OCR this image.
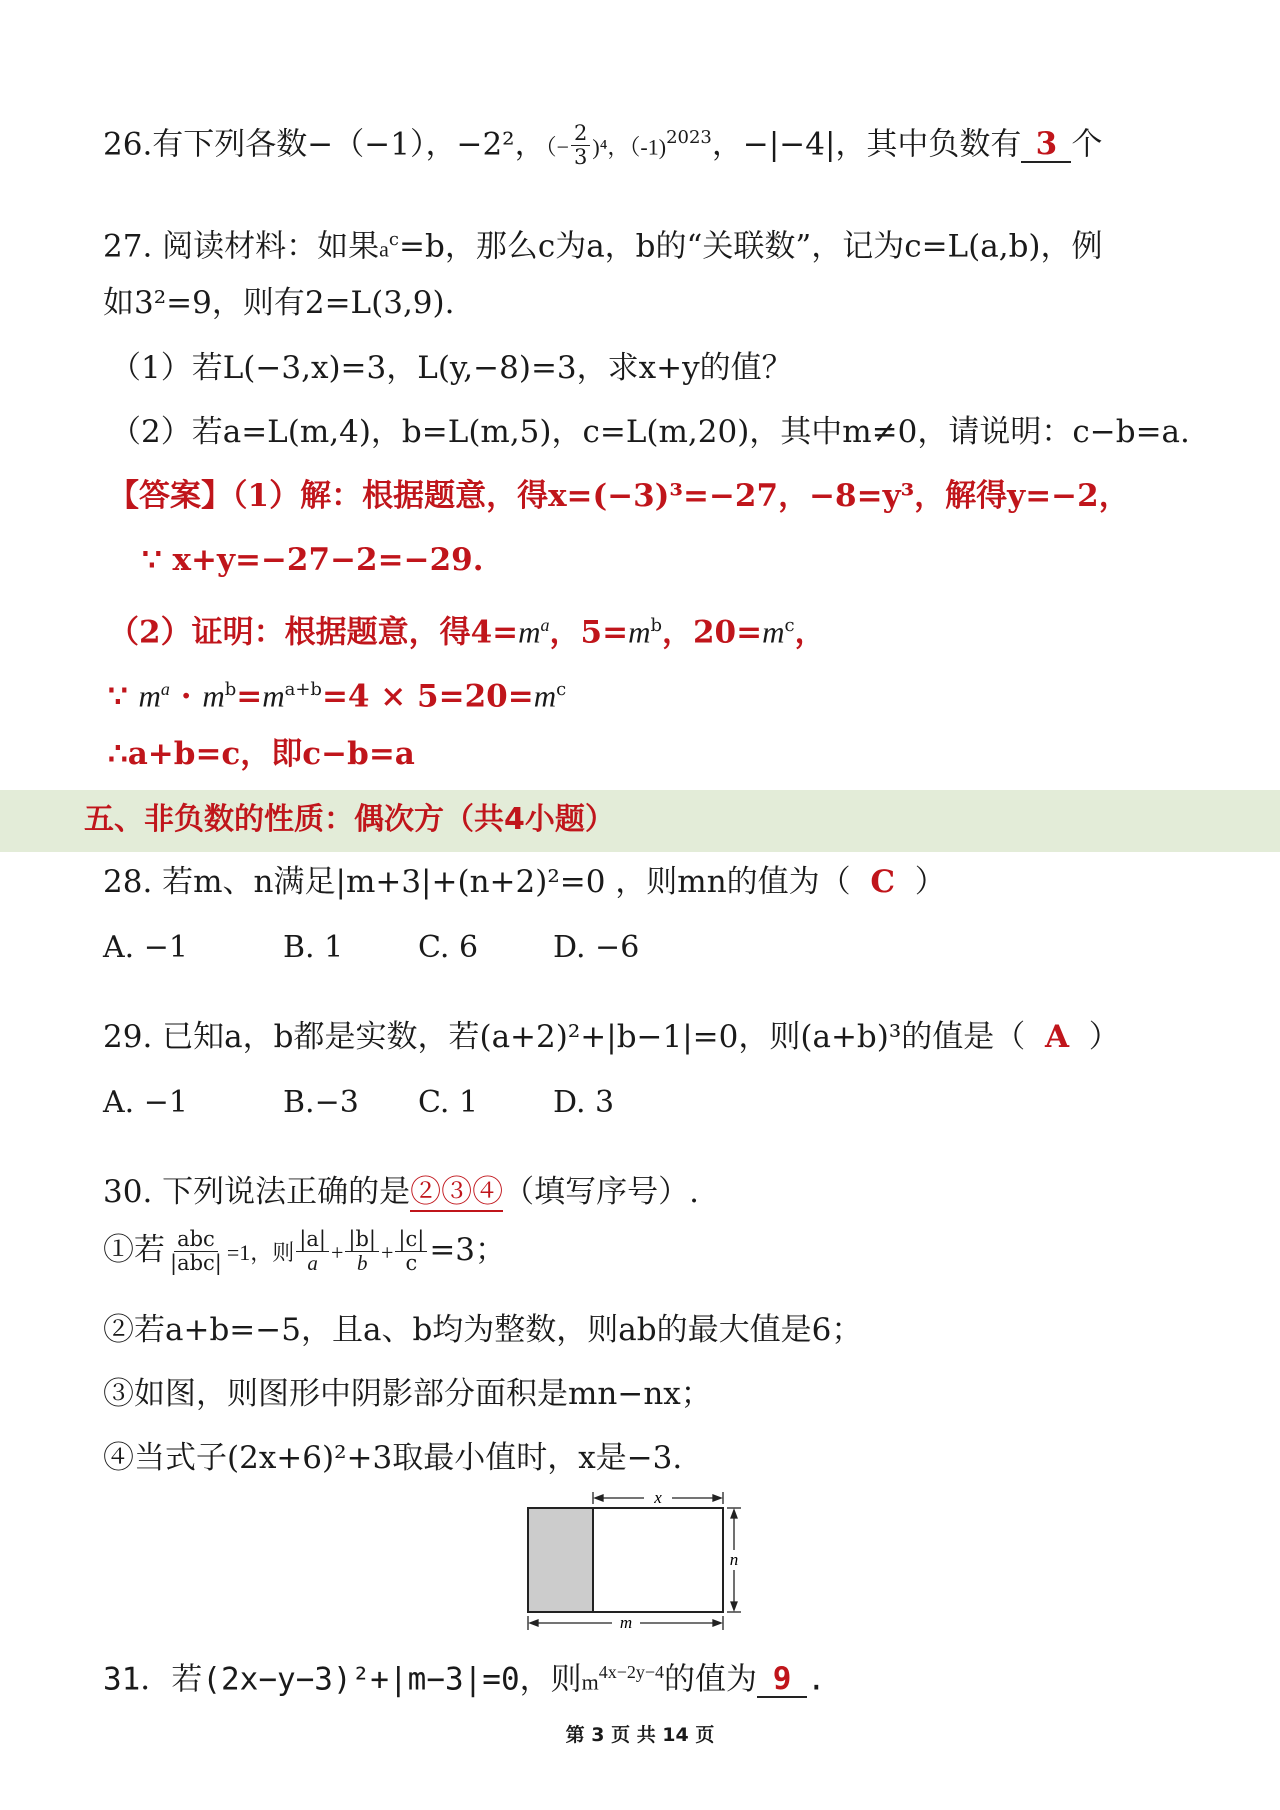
26.有下列各数−（−1），−2²，（− $\frac{2}{3} )^4$，（-1)$^{2023}$，−|−4|，其中负数有 3 个
27. 阅读材料：如果$a^c=b$，那么c为a，b的“关联数”，记为c=L(a,b)，例
如3²=9，则有2=L(3,9).
（1）若L(−3,x)=3，L(y,−8)=3，求x+y的值？
（2）若a=L(m,4)，b=L(m,5)，c=L(m,20)，其中m≠0，请说明：c−b=a.
【答案】（1）解：根据题意，得x=(−3)³=−27，−8=y³，解得y=−2，
∵ x+y=−27−2=−29.
（2）证明：根据题意，得$4=m^a$，$5=m^b$，$20=m^c$，
∵ $m^a \cdot m^b=m^{a+b}=4 \times 5=20=m^c$
∴a+b=c，即c−b=a
五、非负数的性质：偶次方（共4小题）
28. 若m、n满足|m+3|+(n+2)²=0 ，则mn的值为（ C ）
A. −1	B. 1 C. 6 D. −6
29. 已知a，b都是实数，若(a+2)²+|b−1|=0，则(a+b)³的值是（ A ）
A. −1	B.−3 C. 1 D. 3
30. 下列说法正确的是②③④（填写序号）.
①若 $\frac{\text{abc}}{\text{|abc|}} =1$，则 $\frac{|a|}{a} + \frac{|b|}{b} + \frac{|c|}{c} =3$；
②若a+b=−5，且a、b均为整数，则ab的最大值是6；
③如图，则图形中阴影部分面积是mn−nx；
④当式子(2x+6)²+3取最小值时，x是−3.
x
n
m
31．若(2x−y−3)²+|m−3|=0，则$m^{4x-2y-4}$的值为 9 .
第 3 页 共 14 页
